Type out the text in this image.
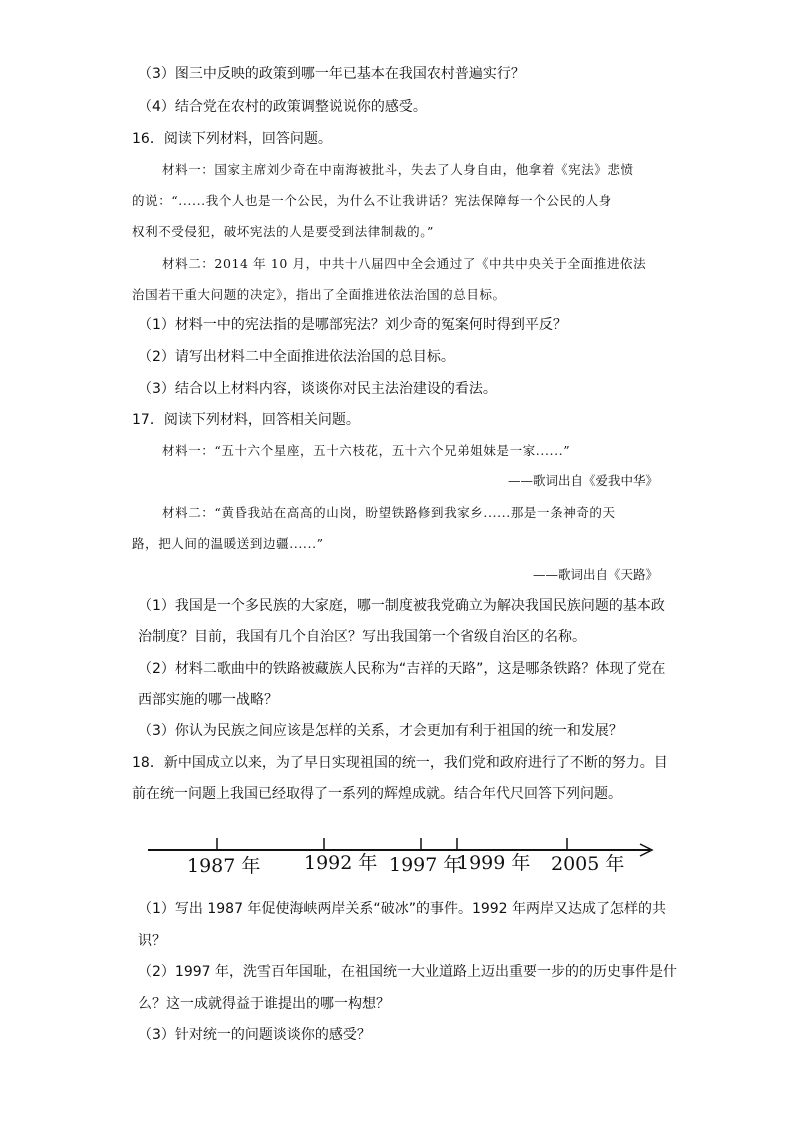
（3）图三中反映的政策到哪一年已基本在我国农村普遍实行？
（4）结合党在农村的政策调整说说你的感受。
16．阅读下列材料，回答问题。
材料一：国家主席刘少奇在中南海被批斗，失去了人身自由，他拿着《宪法》悲愤
的说：“......我个人也是一个公民，为什么不让我讲话？宪法保障每一个公民的人身
权利不受侵犯，破坏宪法的人是要受到法律制裁的。”
材料二：2014 年 10 月，中共十八届四中全会通过了《中共中央关于全面推进依法
治国若干重大问题的决定》，指出了全面推进依法治国的总目标。
（1）材料一中的宪法指的是哪部宪法？刘少奇的冤案何时得到平反？
（2）请写出材料二中全面推进依法治国的总目标。
（3）结合以上材料内容，谈谈你对民主法治建设的看法。
17．阅读下列材料，回答相关问题。
材料一：“五十六个星座，五十六枝花，五十六个兄弟姐妹是一家......”
——歌词出自《爱我中华》
材料二：“黄昏我站在高高的山岗，盼望铁路修到我家乡......那是一条神奇的天
路，把人间的温暖送到边疆......”
——歌词出自《天路》
（1）我国是一个多民族的大家庭，哪一制度被我党确立为解决我国民族问题的基本政
治制度？目前，我国有几个自治区？写出我国第一个省级自治区的名称。
（2）材料二歌曲中的铁路被藏族人民称为“吉祥的天路”，这是哪条铁路？体现了党在
西部实施的哪一战略？
（3）你认为民族之间应该是怎样的关系，才会更加有利于祖国的统一和发展？
18．新中国成立以来，为了早日实现祖国的统一，我们党和政府进行了不断的努力。目
前在统一问题上我国已经取得了一系列的辉煌成就。结合年代尺回答下列问题。
1987 年 1992 年 1997 年
1999 年 2005 年
（1）写出 1987 年促使海峡两岸关系“破冰”的事件。1992 年两岸又达成了怎样的共
识？
（2）1997 年，洗雪百年国耻，在祖国统一大业道路上迈出重要一步的的历史事件是什
么？这一成就得益于谁提出的哪一构想？
（3）针对统一的问题谈谈你的感受？
